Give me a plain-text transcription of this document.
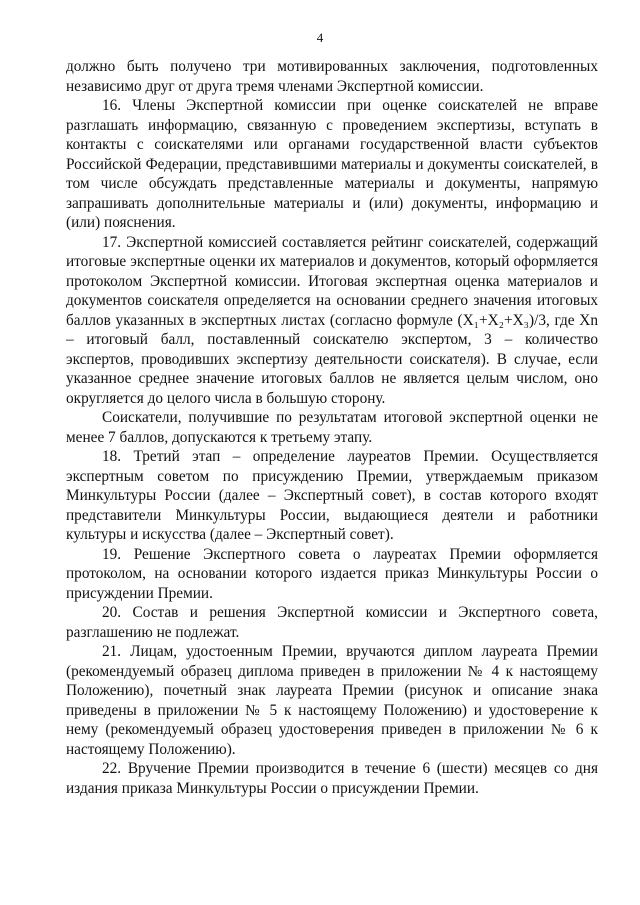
4

должно быть получено три мотивированных заключения, подготовленных независимо друг от друга тремя членами Экспертной комиссии.

16. Члены Экспертной комиссии при оценке соискателей не вправе разглашать информацию, связанную с проведением экспертизы, вступать в контакты с соискателями или органами государственной власти субъектов Российской Федерации, представившими материалы и документы соискателей, в том числе обсуждать представленные материалы и документы, напрямую запрашивать дополнительные материалы и (или) документы, информацию и (или) пояснения.

17. Экспертной комиссией составляется рейтинг соискателей, содержащий итоговые экспертные оценки их материалов и документов, который оформляется протоколом Экспертной комиссии. Итоговая экспертная оценка материалов и документов соискателя определяется на основании среднего значения итоговых баллов указанных в экспертных листах (согласно формуле (X₁+X₂+X₃)/3, где Xn – итоговый балл, поставленный соискателю экспертом, 3 – количество экспертов, проводивших экспертизу деятельности соискателя). В случае, если указанное среднее значение итоговых баллов не является целым числом, оно округляется до целого числа в большую сторону.

Соискатели, получившие по результатам итоговой экспертной оценки не менее 7 баллов, допускаются к третьему этапу.

18. Третий этап – определение лауреатов Премии. Осуществляется экспертным советом по присуждению Премии, утверждаемым приказом Минкультуры России (далее – Экспертный совет), в состав которого входят представители Минкультуры России, выдающиеся деятели и работники культуры и искусства (далее – Экспертный совет).

19. Решение Экспертного совета о лауреатах Премии оформляется протоколом, на основании которого издается приказ Минкультуры России о присуждении Премии.

20. Состав и решения Экспертной комиссии и Экспертного совета, разглашению не подлежат.

21. Лицам, удостоенным Премии, вручаются диплом лауреата Премии (рекомендуемый образец диплома приведен в приложении № 4 к настоящему Положению), почетный знак лауреата Премии (рисунок и описание знака приведены в приложении № 5 к настоящему Положению) и удостоверение к нему (рекомендуемый образец удостоверения приведен в приложении № 6 к настоящему Положению).

22. Вручение Премии производится в течение 6 (шести) месяцев со дня издания приказа Минкультуры России о присуждении Премии.
